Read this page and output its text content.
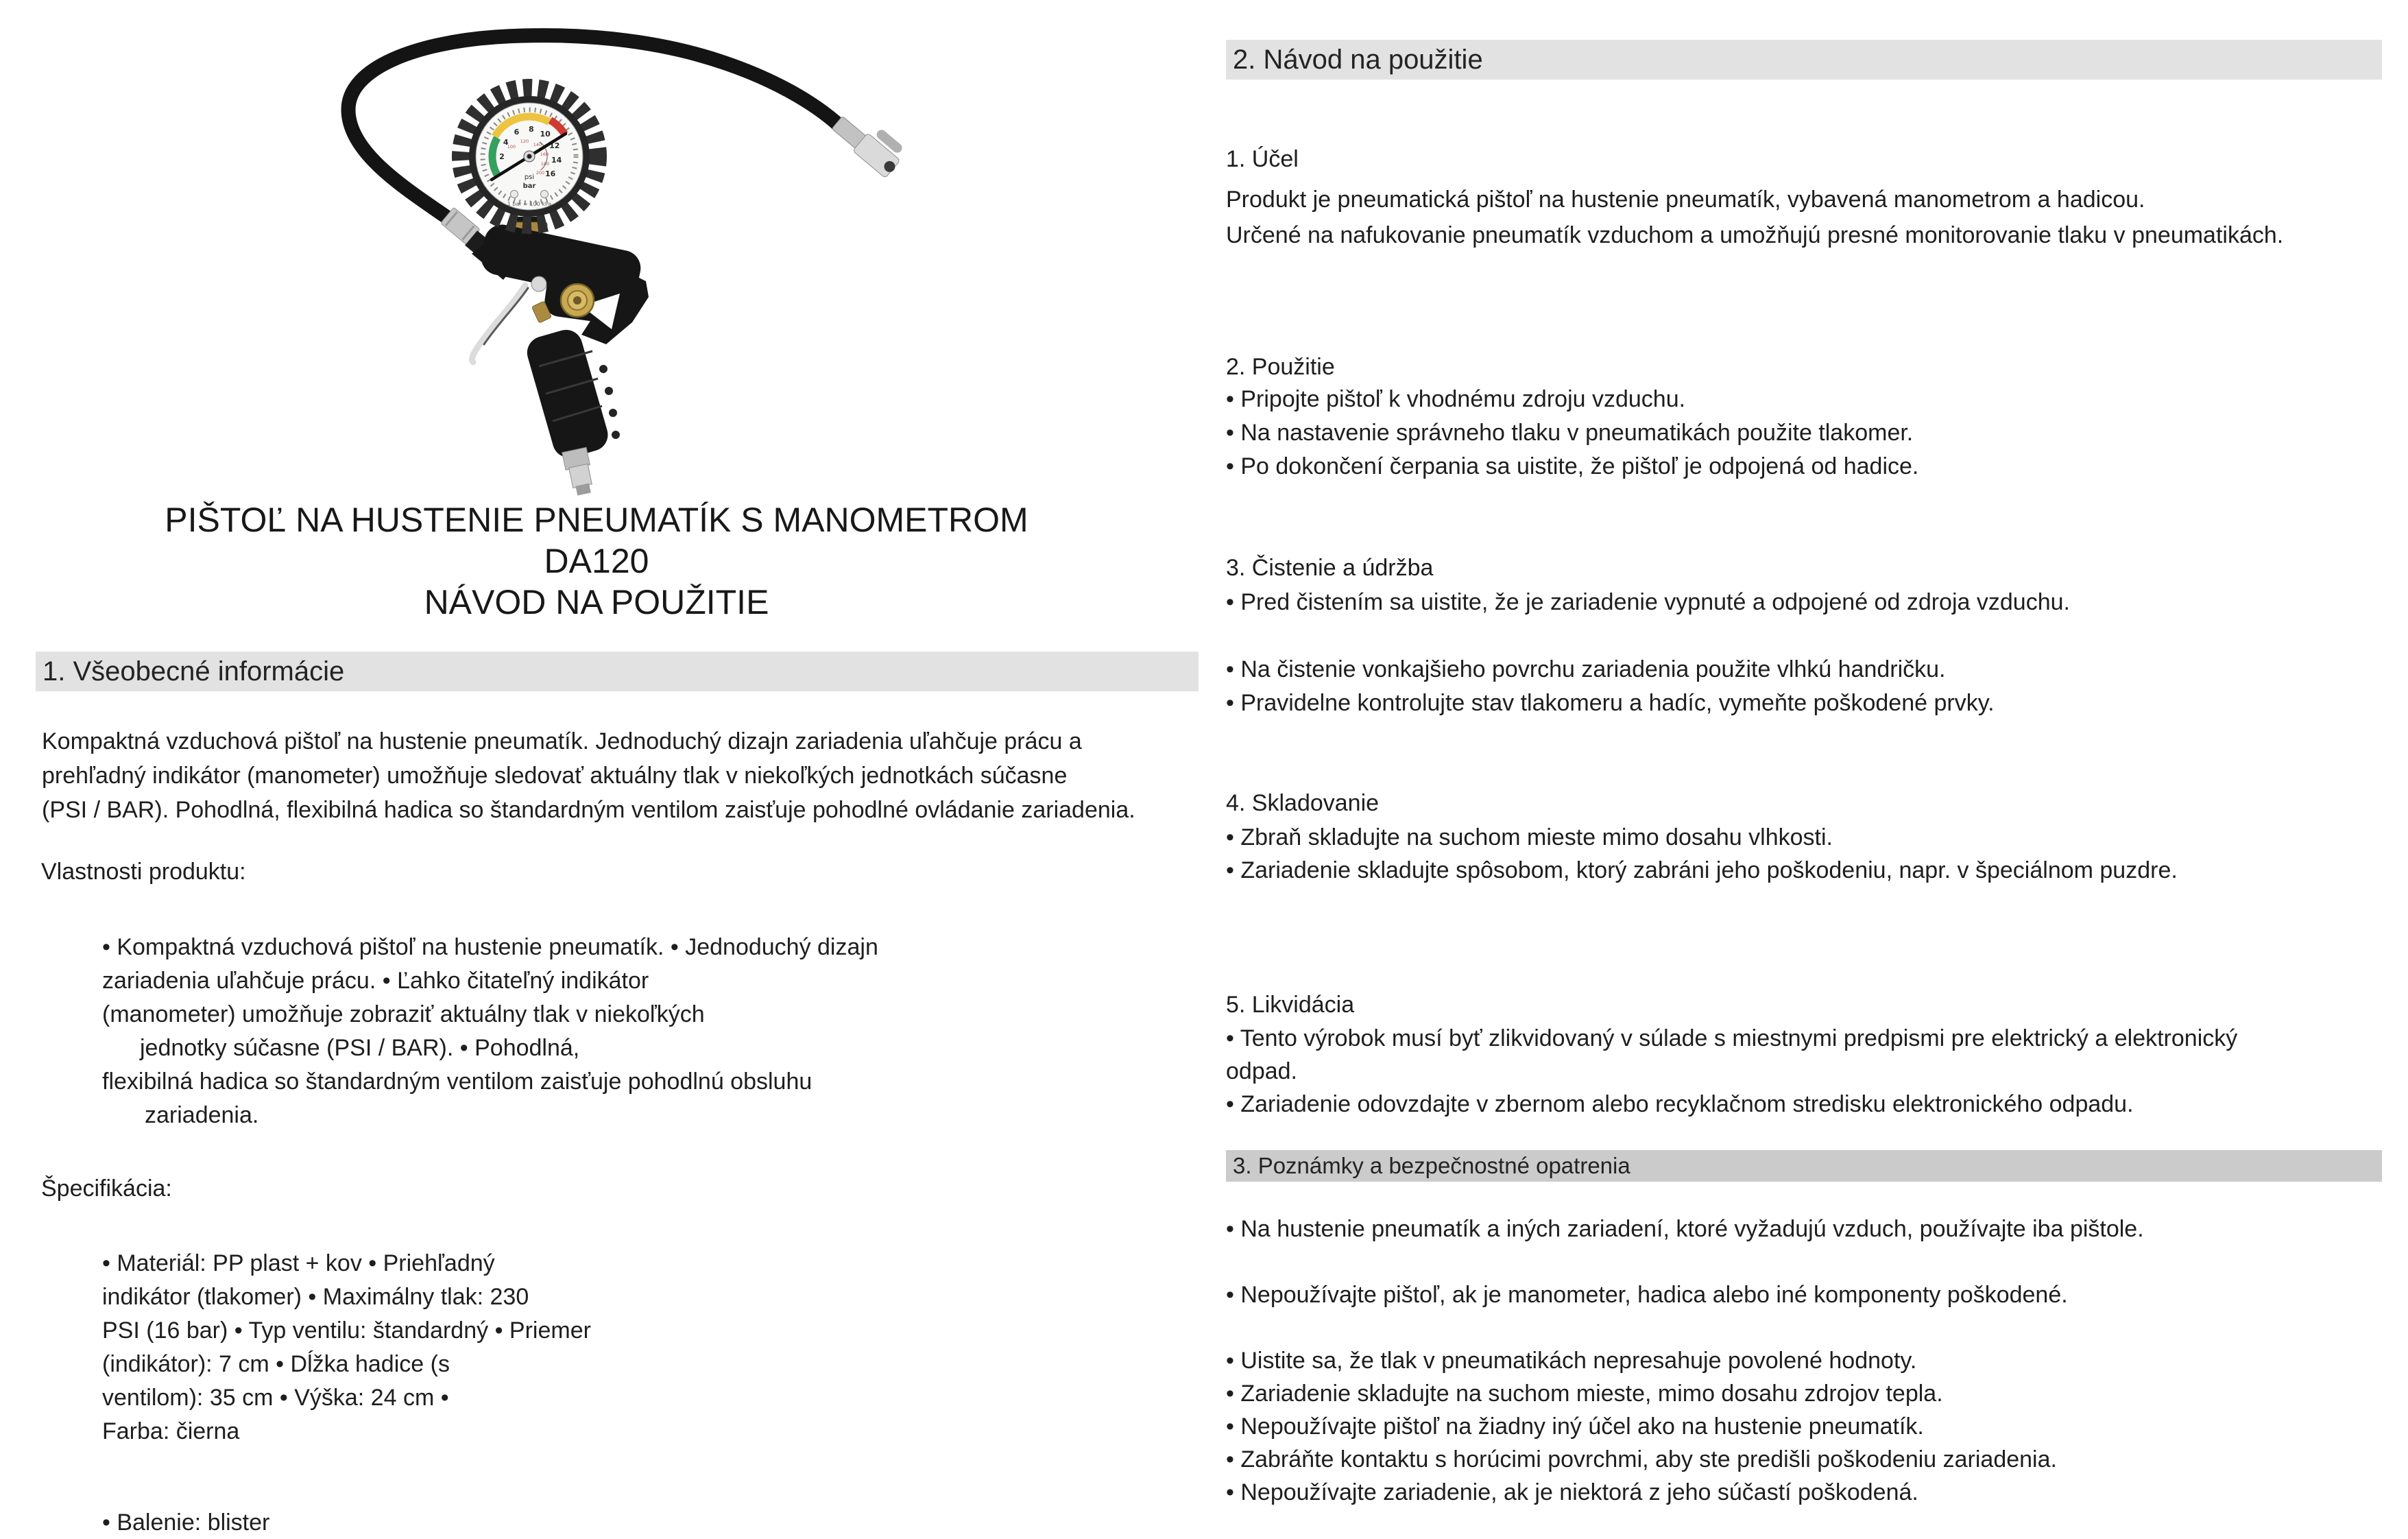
2
4
6 8
10
12
14
16
100
120
140
160
180
200
psi
bar
1 bar = 100 kPa
PIŠTOĽ NA HUSTENIE PNEUMATÍK S MANOMETROM
DA120
NÁVOD NA POUŽITIE
1. Všeobecné informácie
Kompaktná vzduchová pištoľ na hustenie pneumatík. Jednoduchý dizajn zariadenia uľahčuje prácu a
prehľadný indikátor (manometer) umožňuje sledovať aktuálny tlak v niekoľkých jednotkách súčasne
(PSI / BAR). Pohodlná, flexibilná hadica so štandardným ventilom zaisťuje pohodlné ovládanie zariadenia.
Vlastnosti produktu:
• Kompaktná vzduchová pištoľ na hustenie pneumatík. • Jednoduchý dizajn
zariadenia uľahčuje prácu. • Ľahko čitateľný indikátor
(manometer) umožňuje zobraziť aktuálny tlak v niekoľkých
jednotky súčasne (PSI / BAR). • Pohodlná,
flexibilná hadica so štandardným ventilom zaisťuje pohodlnú obsluhu
zariadenia.
Špecifikácia:
• Materiál: PP plast + kov • Priehľadný
indikátor (tlakomer) • Maximálny tlak: 230
PSI (16 bar) • Typ ventilu: štandardný • Priemer
(indikátor): 7 cm • Dĺžka hadice (s
ventilom): 35 cm • Výška: 24 cm •
Farba: čierna
• Balenie: blister
2. Návod na použitie
1. Účel
Produkt je pneumatická pištoľ na hustenie pneumatík, vybavená manometrom a hadicou.
Určené na nafukovanie pneumatík vzduchom a umožňujú presné monitorovanie tlaku v pneumatikách.
2. Použitie
• Pripojte pištoľ k vhodnému zdroju vzduchu.
• Na nastavenie správneho tlaku v pneumatikách použite tlakomer.
• Po dokončení čerpania sa uistite, že pištoľ je odpojená od hadice.
3. Čistenie a údržba
• Pred čistením sa uistite, že je zariadenie vypnuté a odpojené od zdroja vzduchu.
• Na čistenie vonkajšieho povrchu zariadenia použite vlhkú handričku.
• Pravidelne kontrolujte stav tlakomeru a hadíc, vymeňte poškodené prvky.
4. Skladovanie
• Zbraň skladujte na suchom mieste mimo dosahu vlhkosti.
• Zariadenie skladujte spôsobom, ktorý zabráni jeho poškodeniu, napr. v špeciálnom puzdre.
5. Likvidácia
• Tento výrobok musí byť zlikvidovaný v súlade s miestnymi predpismi pre elektrický a elektronický
odpad.
• Zariadenie odovzdajte v zbernom alebo recyklačnom stredisku elektronického odpadu.
3. Poznámky a bezpečnostné opatrenia
• Na hustenie pneumatík a iných zariadení, ktoré vyžadujú vzduch, používajte iba pištole.
• Nepoužívajte pištoľ, ak je manometer, hadica alebo iné komponenty poškodené.
• Uistite sa, že tlak v pneumatikách nepresahuje povolené hodnoty.
• Zariadenie skladujte na suchom mieste, mimo dosahu zdrojov tepla.
• Nepoužívajte pištoľ na žiadny iný účel ako na hustenie pneumatík.
• Zabráňte kontaktu s horúcimi povrchmi, aby ste predišli poškodeniu zariadenia.
• Nepoužívajte zariadenie, ak je niektorá z jeho súčastí poškodená.
